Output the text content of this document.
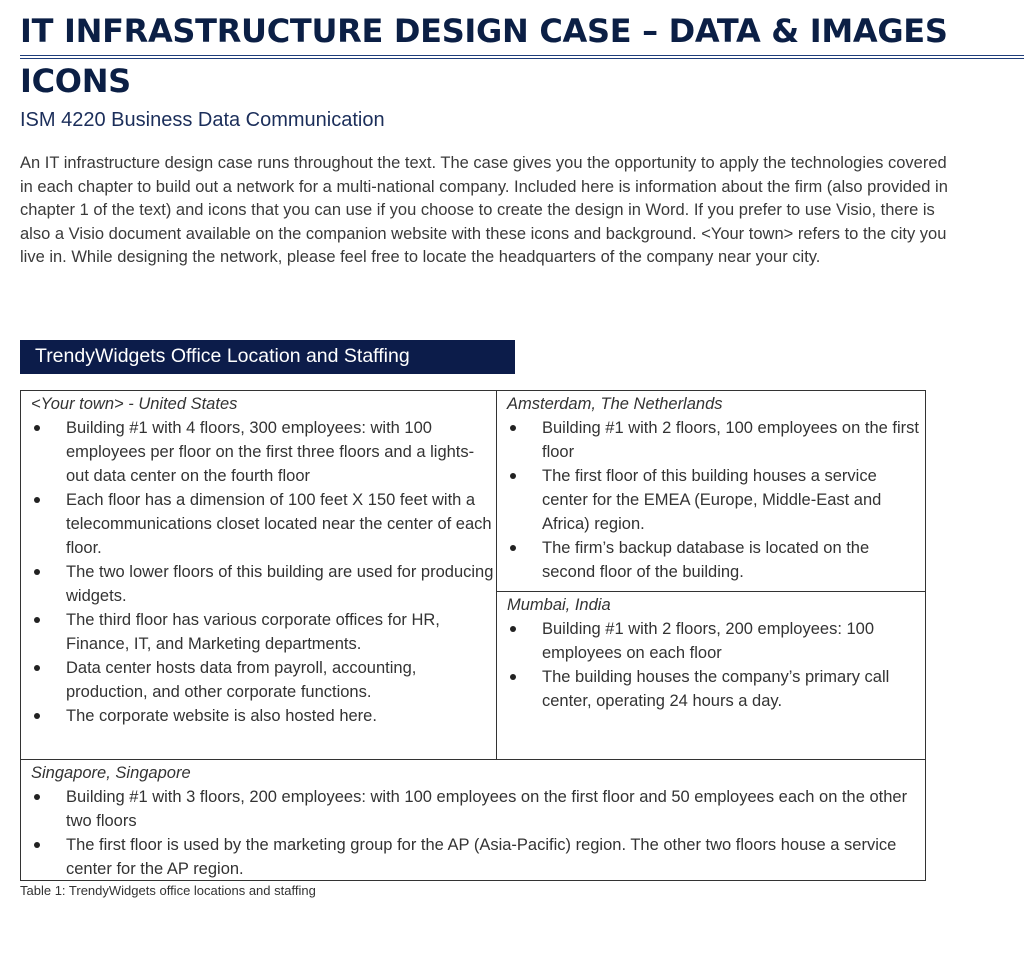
IT INFRASTRUCTURE DESIGN CASE – DATA & IMAGES ICONS
ISM 4220 Business Data Communication
An IT infrastructure design case runs throughout the text. The case gives you the opportunity to apply the technologies covered in each chapter to build out a network for a multi-national company. Included here is information about the firm (also provided in chapter 1 of the text) and icons that you can use if you choose to create the design in Word. If you prefer to use Visio, there is also a Visio document available on the companion website with these icons and background. <Your town> refers to the city you live in. While designing the network, please feel free to locate the headquarters of the company near your city.
TrendyWidgets Office Location and Staffing
<Your town> - United States
Building #1 with 4 floors, 300 employees: with 100 employees per floor on the first three floors and a lights-out data center on the fourth floor
Each floor has a dimension of 100 feet X 150 feet with a telecommunications closet located near the center of each floor.
The two lower floors of this building are used for producing widgets.
The third floor has various corporate offices for HR, Finance, IT, and Marketing departments.
Data center hosts data from payroll, accounting, production, and other corporate functions.
The corporate website is also hosted here.
Amsterdam, The Netherlands
Building #1 with 2 floors, 100 employees on the first floor
The first floor of this building houses a service center for the EMEA (Europe, Middle-East and Africa) region.
The firm’s backup database is located on the second floor of the building.
Mumbai, India
Building #1 with 2 floors, 200 employees: 100 employees on each floor
The building houses the company’s primary call center, operating 24 hours a day.
Singapore, Singapore
Building #1 with 3 floors, 200 employees: with 100 employees on the first floor and 50 employees each on the other two floors
The first floor is used by the marketing group for the AP (Asia-Pacific) region. The other two floors house a service center for the AP region.
Table 1: TrendyWidgets office locations and staffing
